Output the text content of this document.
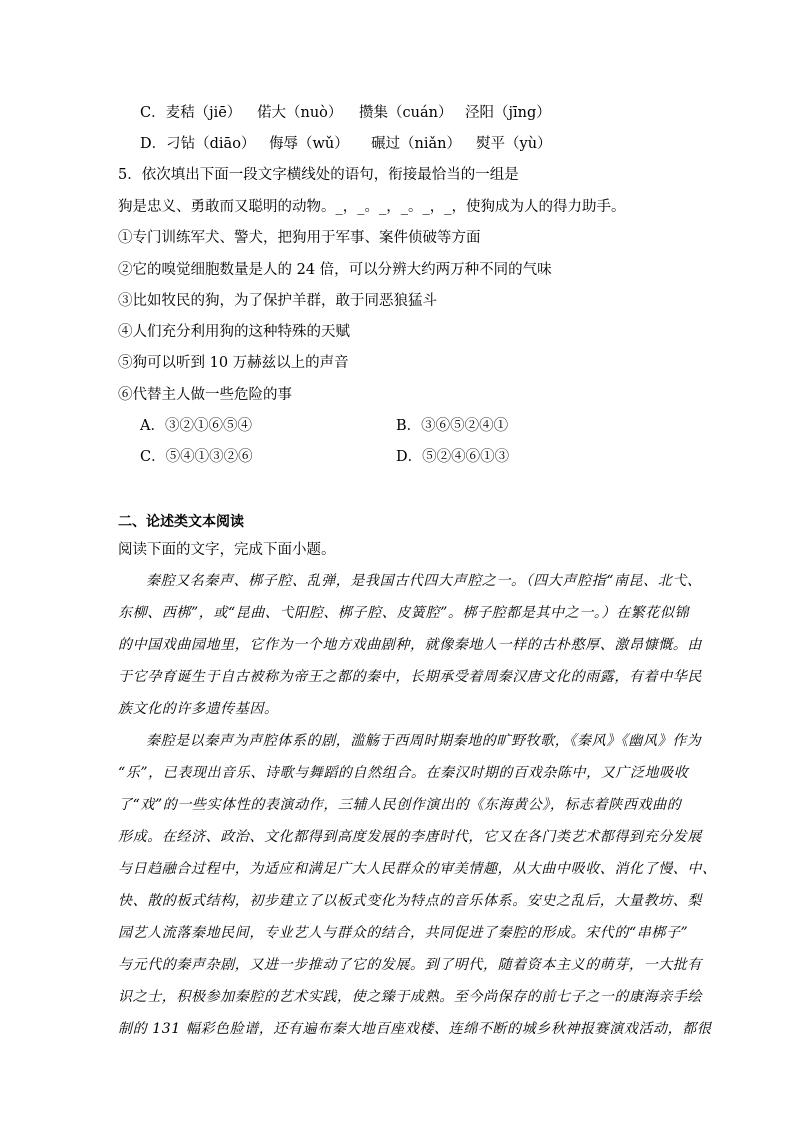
C．麦秸（jiē） 偌大（nuò） 攒集（cuán） 泾阳（jīng）
D．刁钻（diāo） 侮辱（wǔ） 碾过（niǎn） 熨平（yù）
5．依次填出下面一段文字横线处的语句，衔接最恰当的一组是
狗是忠义、勇敢而又聪明的动物。_，_。_，_。_，_，使狗成为人的得力助手。
①专门训练军犬、警犬，把狗用于军事、案件侦破等方面
②它的嗅觉细胞数量是人的 24 倍，可以分辨大约两万种不同的气味
③比如牧民的狗，为了保护羊群，敢于同恶狼猛斗
④人们充分利用狗的这种特殊的天赋
⑤狗可以听到 10 万赫兹以上的声音
⑥代替主人做一些危险的事
A．③②①⑥⑤④	B．③⑥⑤②④①
C．⑤④①③②⑥	D．⑤②④⑥①③
二、论述类文本阅读
阅读下面的文字，完成下面小题。
秦腔又名秦声、梆子腔、乱弹，是我国古代四大声腔之一。（四大声腔指“南昆、北弋、
东柳、西梆”，或“昆曲、弋阳腔、梆子腔、皮簧腔”。梆子腔都是其中之一。）在繁花似锦
的中国戏曲园地里，它作为一个地方戏曲剧种，就像秦地人一样的古朴憨厚、激昂慷慨。由
于它孕育诞生于自古被称为帝王之都的秦中，长期承受着周秦汉唐文化的雨露，有着中华民
族文化的许多遗传基因。
秦腔是以秦声为声腔体系的剧，滥觞于西周时期秦地的旷野牧歌，《秦风》《幽风》作为
“乐”，已表现出音乐、诗歌与舞蹈的自然组合。在秦汉时期的百戏杂陈中，又广泛地吸收
了“戏”的一些实体性的表演动作，三辅人民创作演出的《东海黄公》，标志着陕西戏曲的
形成。在经济、政治、文化都得到高度发展的李唐时代，它又在各门类艺术都得到充分发展
与日趋融合过程中，为适应和满足广大人民群众的审美情趣，从大曲中吸收、消化了慢、中、
快、散的板式结构，初步建立了以板式变化为特点的音乐体系。安史之乱后，大量教坊、梨
园艺人流落秦地民间，专业艺人与群众的结合，共同促进了秦腔的形成。宋代的“串梆子”
与元代的秦声杂剧，又进一步推动了它的发展。到了明代，随着资本主义的萌芽，一大批有
识之士，积极参加秦腔的艺术实践，使之臻于成熟。至今尚保存的前七子之一的康海亲手绘
制的 131 幅彩色脸谱，还有遍布秦大地百座戏楼、连绵不断的城乡秋神报赛演戏活动，都很
